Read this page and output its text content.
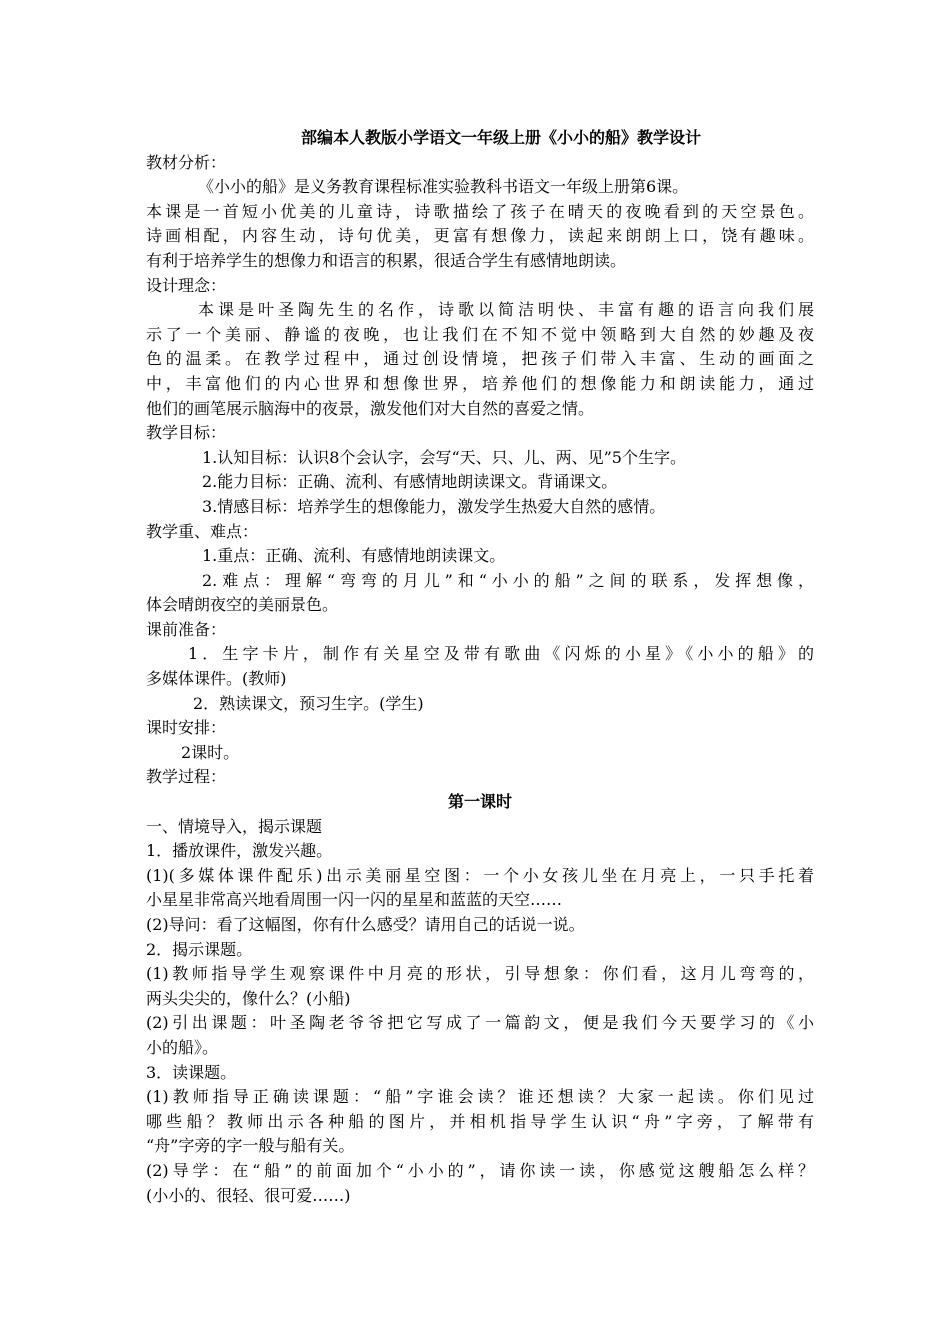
部编本人教版小学语文一年级上册《小小的船》教学设计
教材分析：
《小小的船》是义务教育课程标准实验教科书语文一年级上册第6课。
本课是一首短小优美的儿童诗，诗歌描绘了孩子在晴天的夜晚看到的天空景色。
诗画相配，内容生动，诗句优美，更富有想像力，读起来朗朗上口，饶有趣味。
有利于培养学生的想像力和语言的积累，很适合学生有感情地朗读。
设计理念：
本课是叶圣陶先生的名作，诗歌以简洁明快、丰富有趣的语言向我们展
示了一个美丽、静谧的夜晚，也让我们在不知不觉中领略到大自然的妙趣及夜
色的温柔。在教学过程中，通过创设情境，把孩子们带入丰富、生动的画面之
中，丰富他们的内心世界和想像世界，培养他们的想像能力和朗读能力，通过
他们的画笔展示脑海中的夜景，激发他们对大自然的喜爱之情。
教学目标：
1.认知目标：认识8个会认字，会写“天、只、儿、两、见”5个生字。
2.能力目标：正确、流利、有感情地朗读课文。背诵课文。
3.情感目标：培养学生的想像能力，激发学生热爱大自然的感情。
教学重、难点：
1.重点：正确、流利、有感情地朗读课文。
2.难点：理解“弯弯的月儿”和“小小的船”之间的联系，发挥想像，
体会晴朗夜空的美丽景色。
课前准备：
1．生字卡片，制作有关星空及带有歌曲《闪烁的小星》《小小的船》的
多媒体课件。(教师)
2．熟读课文，预习生字。(学生)
课时安排：
2课时。
教学过程：
第一课时
一、情境导入，揭示课题
1．播放课件，激发兴趣。
(1)(多媒体课件配乐)出示美丽星空图：一个小女孩儿坐在月亮上，一只手托着
小星星非常高兴地看周围一闪一闪的星星和蓝蓝的天空……
(2)导问：看了这幅图，你有什么感受？请用自己的话说一说。
2．揭示课题。
(1)教师指导学生观察课件中月亮的形状，引导想象：你们看，这月儿弯弯的，
两头尖尖的，像什么？(小船)
(2)引出课题：叶圣陶老爷爷把它写成了一篇韵文，便是我们今天要学习的《小
小的船》。
3．读课题。
(1)教师指导正确读课题：“船”字谁会读？谁还想读？大家一起读。你们见过
哪些船？教师出示各种船的图片，并相机指导学生认识“舟”字旁，了解带有
“舟”字旁的字一般与船有关。
(2)导学：在“船”的前面加个“小小的”，请你读一读，你感觉这艘船怎么样？
(小小的、很轻、很可爱……)
